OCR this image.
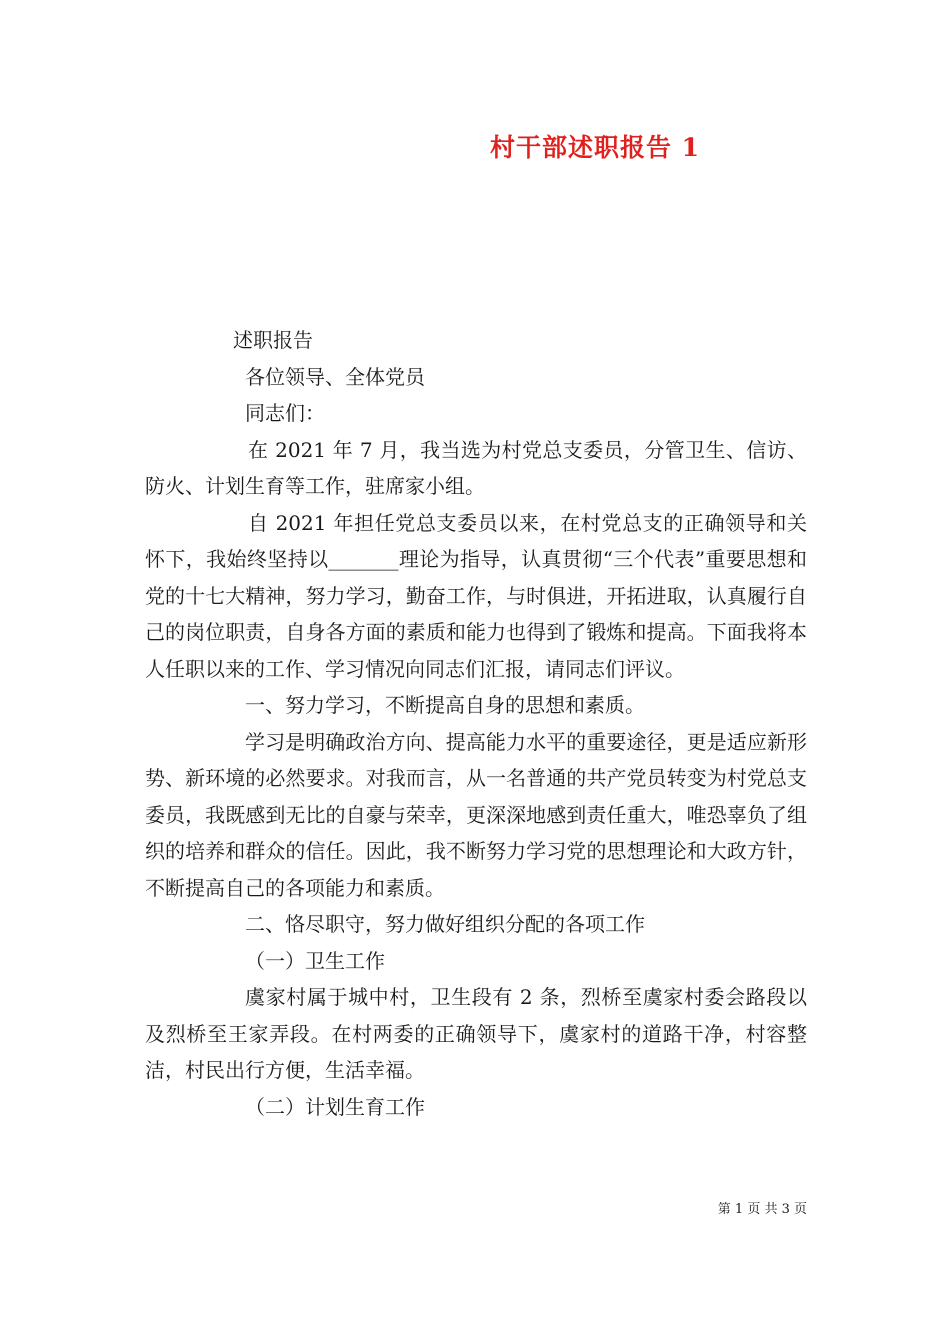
村干部述职报告 1

述职报告

各位领导、全体党员

同志们：

在 2021 年 7 月，我当选为村党总支委员，分管卫生、信访、防火、计划生育等工作，驻席家小组。

自 2021 年担任党总支委员以来，在村党总支的正确领导和关怀下，我始终坚持以_______理论为指导，认真贯彻“三个代表”重要思想和党的十七大精神，努力学习，勤奋工作，与时俱进，开拓进取，认真履行自己的岗位职责，自身各方面的素质和能力也得到了锻炼和提高。下面我将本人任职以来的工作、学习情况向同志们汇报，请同志们评议。

一、努力学习，不断提高自身的思想和素质。

学习是明确政治方向、提高能力水平的重要途径，更是适应新形势、新环境的必然要求。对我而言，从一名普通的共产党员转变为村党总支委员，我既感到无比的自豪与荣幸，更深深地感到责任重大，唯恐辜负了组织的培养和群众的信任。因此，我不断努力学习党的思想理论和大政方针，不断提高自己的各项能力和素质。

二、恪尽职守，努力做好组织分配的各项工作

（一）卫生工作

虞家村属于城中村，卫生段有 2 条，烈桥至虞家村委会路段以及烈桥至王家弄段。在村两委的正确领导下，虞家村的道路干净，村容整洁，村民出行方便，生活幸福。

（二）计划生育工作

第 1 页 共 3 页
